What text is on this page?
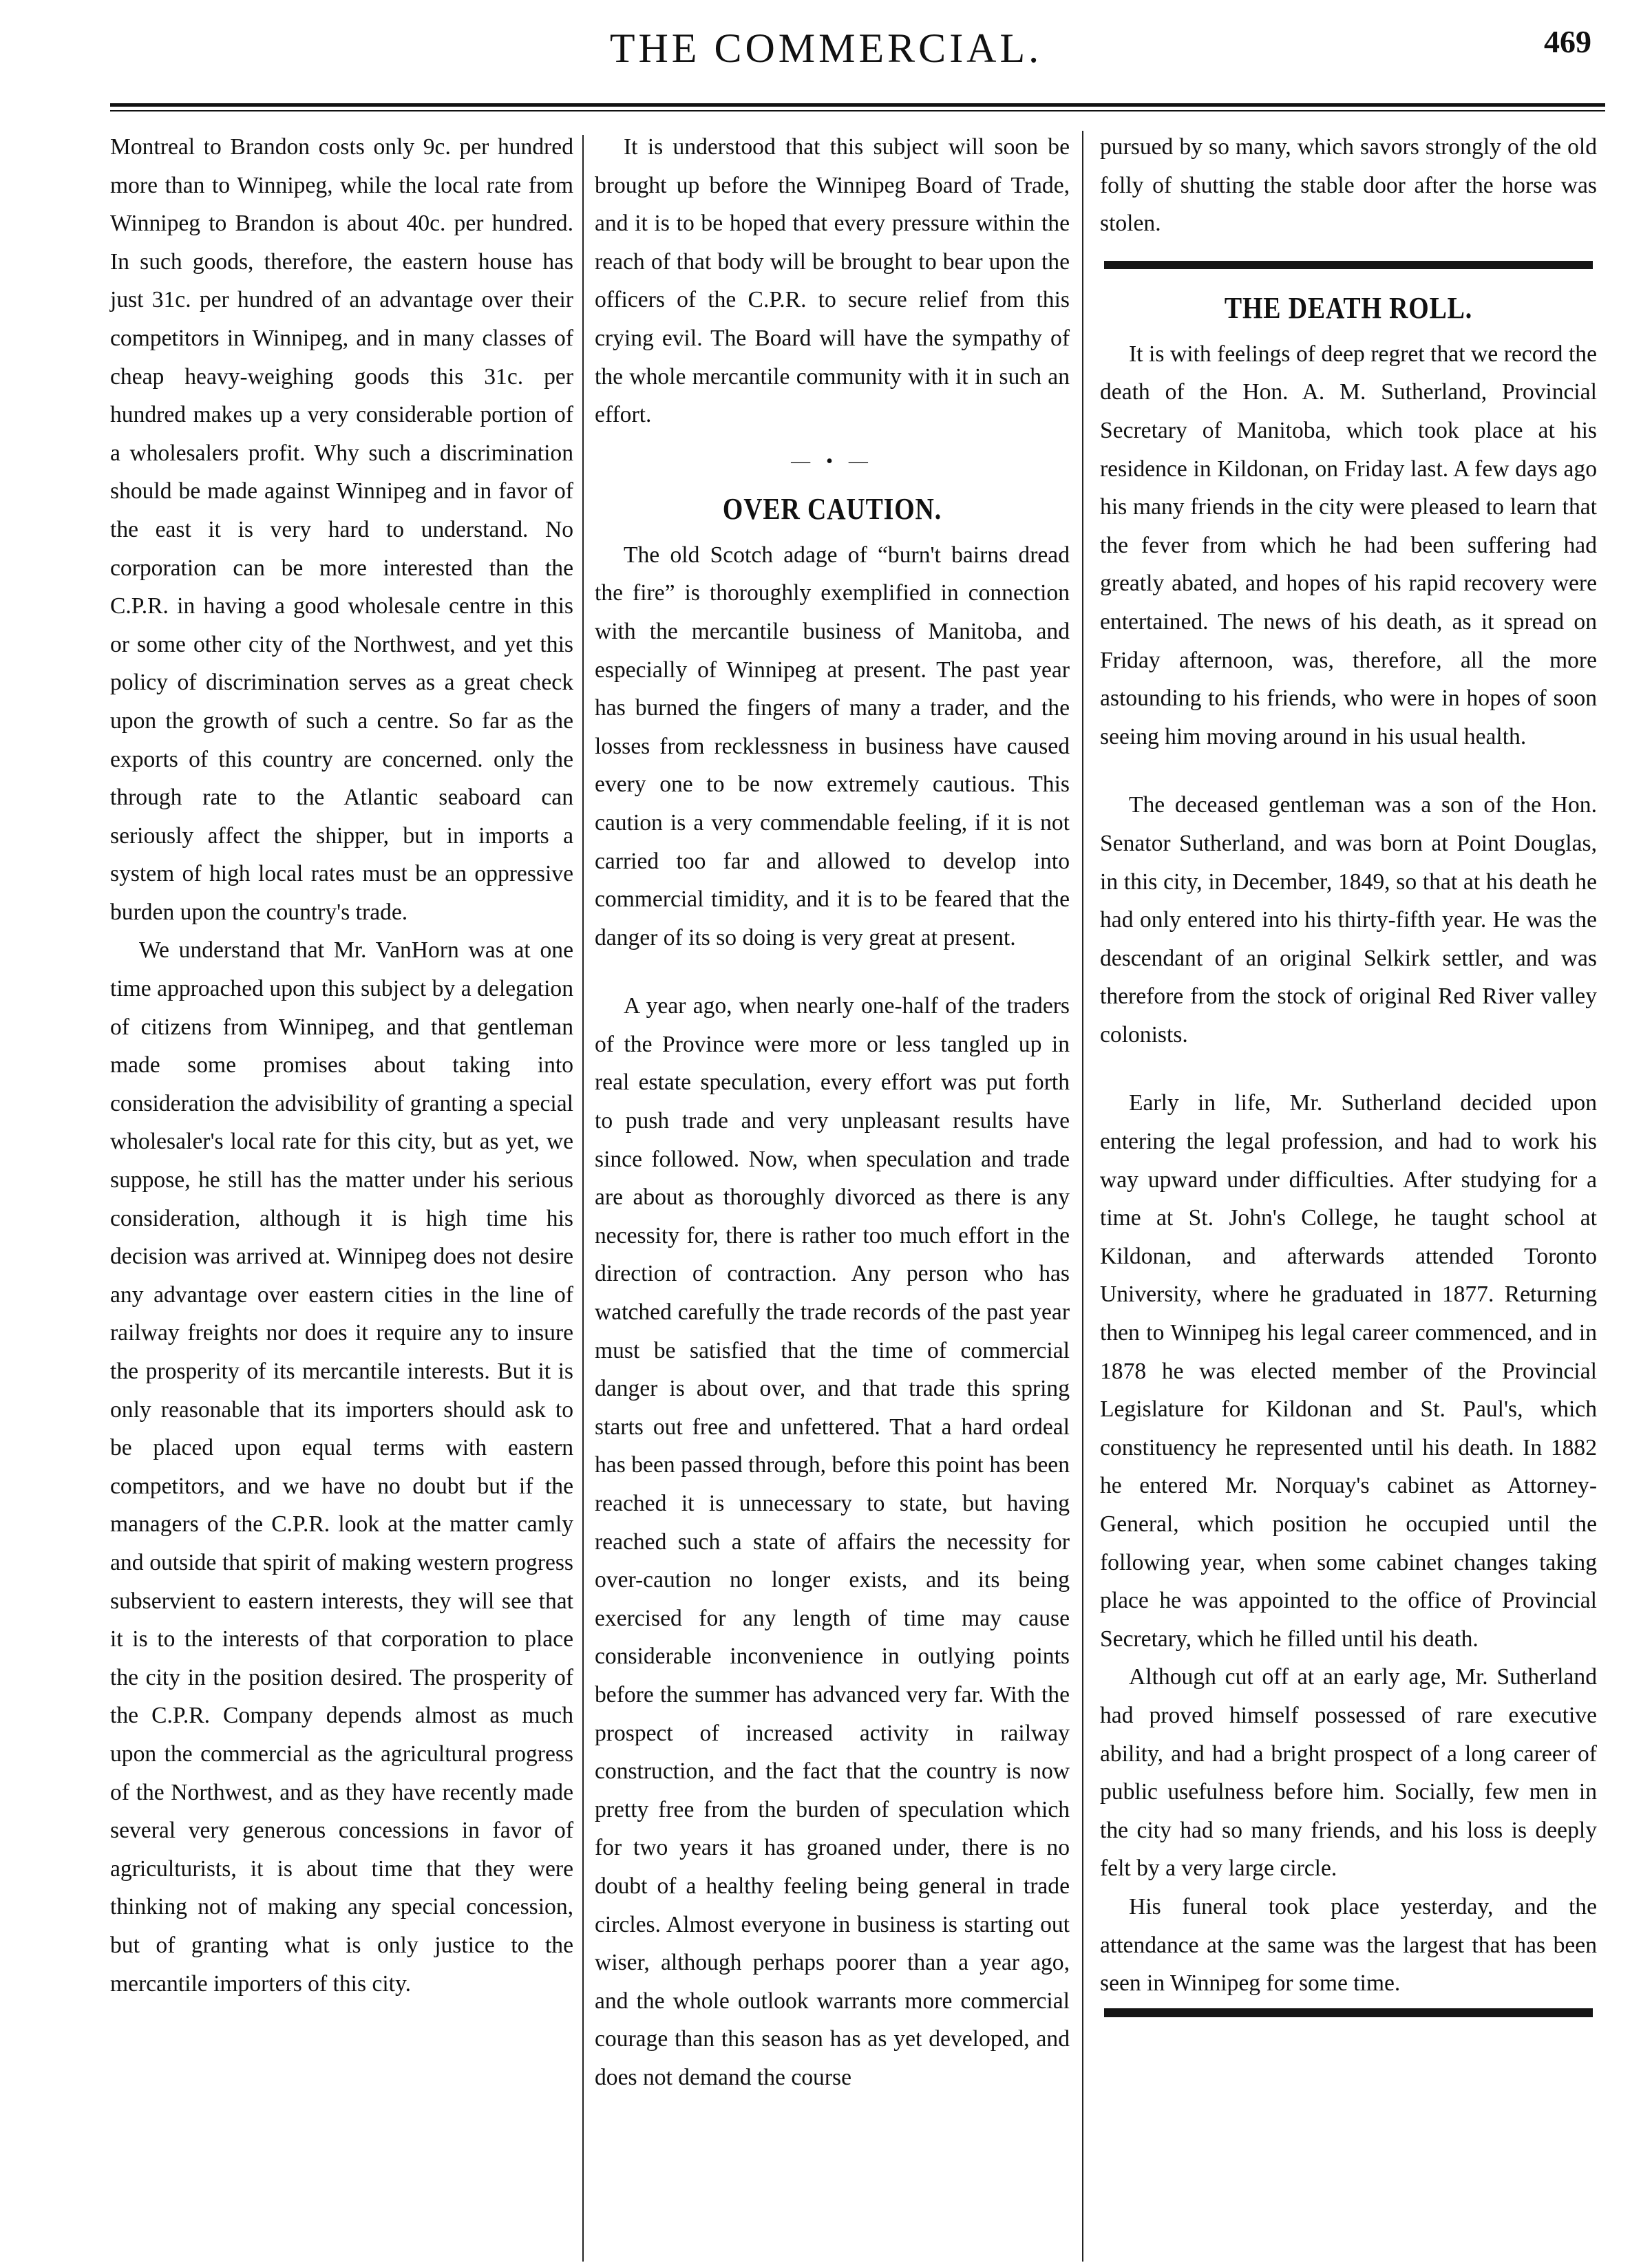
THE COMMERCIAL.	469

Montreal to Brandon costs only 9c. per hundred more than to Winnipeg, while the local rate from Winnipeg to Brandon is about 40c. per hundred. In such goods, therefore, the eastern house has just 31c. per hundred of an advantage over their competitors in Winnipeg, and in many classes of cheap heavy-weighing goods this 31c. per hundred makes up a very considerable portion of a wholesalers profit. Why such a discrimination should be made against Winnipeg and in favor of the east it is very hard to understand. No corporation can be more interested than the C.P.R. in having a good wholesale centre in this or some other city of the Northwest, and yet this policy of discrimination serves as a great check upon the growth of such a centre. So far as the exports of this country are concerned. only the through rate to the Atlantic seaboard can seriously affect the shipper, but in imports a system of high local rates must be an oppressive burden upon the country's trade.

We understand that Mr. VanHorn was at one time approached upon this subject by a delegation of citizens from Winnipeg, and that gentleman made some promises about taking into consideration the advisibility of granting a special wholesaler's local rate for this city, but as yet, we suppose, he still has the matter under his serious consideration, although it is high time his decision was arrived at. Winnipeg does not desire any advantage over eastern cities in the line of railway freights nor does it require any to insure the prosperity of its mercantile interests. But it is only reasonable that its importers should ask to be placed upon equal terms with eastern competitors, and we have no doubt but if the managers of the C.P.R. look at the matter camly and outside that spirit of making western progress subservient to eastern interests, they will see that it is to the interests of that corporation to place the city in the position desired. The prosperity of the C.P.R. Company depends almost as much upon the commercial as the agricultural progress of the Northwest, and as they have recently made several very generous concessions in favor of agriculturists, it is about time that they were thinking not of making any special concession, but of granting what is only justice to the mercantile importers of this city.

It is understood that this subject will soon be brought up before the Winnipeg Board of Trade, and it is to be hoped that every pressure within the reach of that body will be brought to bear upon the officers of the C.P.R. to secure relief from this crying evil. The Board will have the sympathy of the whole mercantile community with it in such an effort.

— • —
OVER CAUTION.

The old Scotch adage of “burn't bairns dread the fire” is thoroughly exemplified in connection with the mercantile business of Manitoba, and especially of Winnipeg at present. The past year has burned the fingers of many a trader, and the losses from recklessness in business have caused every one to be now extremely cautious. This caution is a very commendable feeling, if it is not carried too far and allowed to develop into commercial timidity, and it is to be feared that the danger of its so doing is very great at present.

A year ago, when nearly one-half of the traders of the Province were more or less tangled up in real estate speculation, every effort was put forth to push trade and very unpleasant results have since followed. Now, when speculation and trade are about as thoroughly divorced as there is any necessity for, there is rather too much effort in the direction of contraction. Any person who has watched carefully the trade records of the past year must be satisfied that the time of commercial danger is about over, and that trade this spring starts out free and unfettered. That a hard ordeal has been passed through, before this point has been reached it is unnecessary to state, but having reached such a state of affairs the necessity for over-caution no longer exists, and its being exercised for any length of time may cause considerable inconvenience in outlying points before the summer has advanced very far. With the prospect of increased activity in railway construction, and the fact that the country is now pretty free from the burden of speculation which for two years it has groaned under, there is no doubt of a healthy feeling being general in trade circles. Almost everyone in business is starting out wiser, although perhaps poorer than a year ago, and the whole outlook warrants more commercial courage than this season has as yet developed, and does not demand the course

pursued by so many, which savors strongly of the old folly of shutting the stable door after the horse was stolen.

THE DEATH ROLL.

It is with feelings of deep regret that we record the death of the Hon. A. M. Sutherland, Provincial Secretary of Manitoba, which took place at his residence in Kildonan, on Friday last. A few days ago his many friends in the city were pleased to learn that the fever from which he had been suffering had greatly abated, and hopes of his rapid recovery were entertained. The news of his death, as it spread on Friday afternoon, was, therefore, all the more astounding to his friends, who were in hopes of soon seeing him moving around in his usual health.

The deceased gentleman was a son of the Hon. Senator Sutherland, and was born at Point Douglas, in this city, in December, 1849, so that at his death he had only entered into his thirty-fifth year. He was the descendant of an original Selkirk settler, and was therefore from the stock of original Red River valley colonists.

Early in life, Mr. Sutherland decided upon entering the legal profession, and had to work his way upward under difficulties. After studying for a time at St. John's College, he taught school at Kildonan, and afterwards attended Toronto University, where he graduated in 1877. Returning then to Winnipeg his legal career commenced, and in 1878 he was elected member of the Provincial Legislature for Kildonan and St. Paul's, which constituency he represented until his death. In 1882 he entered Mr. Norquay's cabinet as Attorney-General, which position he occupied until the following year, when some cabinet changes taking place he was appointed to the office of Provincial Secretary, which he filled until his death.

Although cut off at an early age, Mr. Sutherland had proved himself possessed of rare executive ability, and had a bright prospect of a long career of public usefulness before him. Socially, few men in the city had so many friends, and his loss is deeply felt by a very large circle.

His funeral took place yesterday, and the attendance at the same was the largest that has been seen in Winnipeg for some time.
